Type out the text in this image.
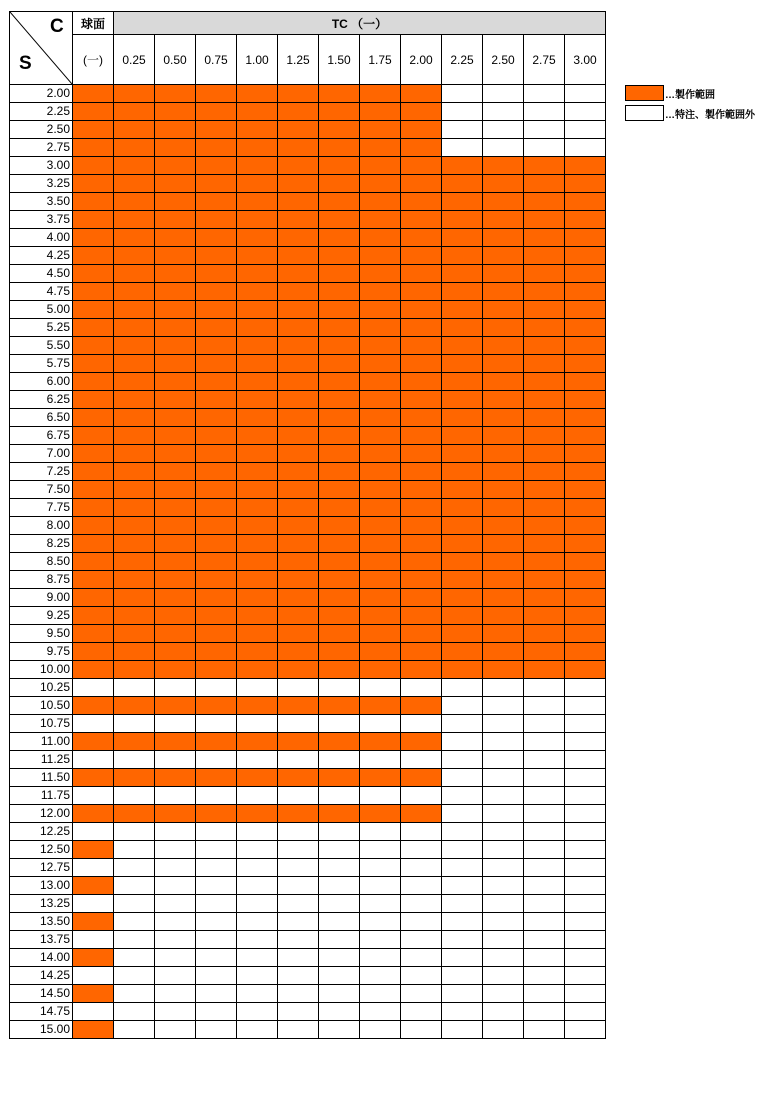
C
S	球面	TC （一）											
	(一)	0.25	0.50	0.75	1.00	1.25	1.50	1.75	2.00	2.25	2.50	2.75	3.00
2.00													
2.25													
2.50													
2.75													
3.00													
3.25													
3.50													
3.75													
4.00													
4.25													
4.50													
4.75													
5.00													
5.25													
5.50													
5.75													
6.00													
6.25													
6.50													
6.75													
7.00													
7.25													
7.50													
7.75													
8.00													
8.25													
8.50													
8.75													
9.00													
9.25													
9.50													
9.75													
10.00													
10.25													
10.50													
10.75													
11.00													
11.25													
11.50													
11.75													
12.00													
12.25													
12.50													
12.75													
13.00													
13.25													
13.50													
13.75													
14.00													
14.25													
14.50													
14.75													
15.00													
…製作範囲
…特注、製作範囲外
